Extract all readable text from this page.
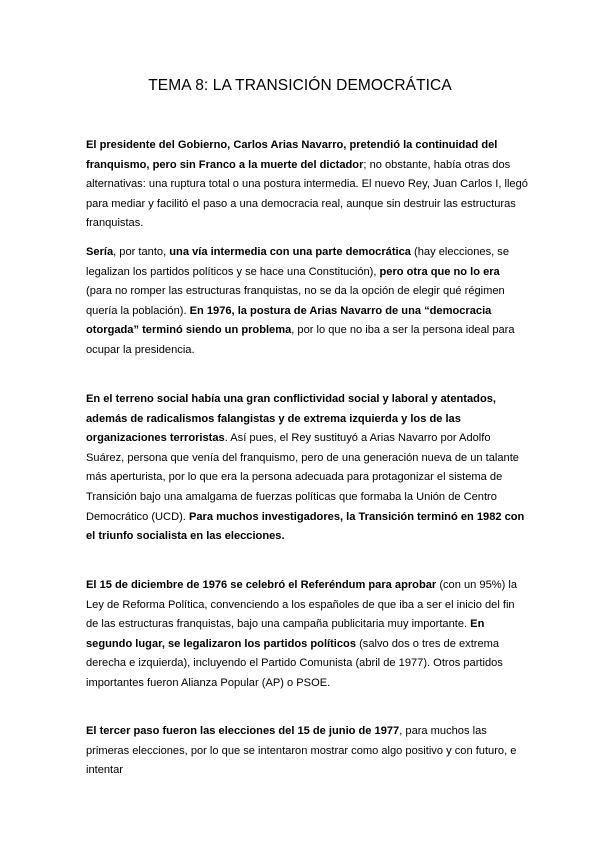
TEMA 8: LA TRANSICIÓN DEMOCRÁTICA

El presidente del Gobierno, Carlos Arias Navarro, pretendió la continuidad del franquismo, pero sin Franco a la muerte del dictador; no obstante, había otras dos alternativas: una ruptura total o una postura intermedia. El nuevo Rey, Juan Carlos I, llegó para mediar y facilitó el paso a una democracia real, aunque sin destruir las estructuras franquistas.

Sería, por tanto, una vía intermedia con una parte democrática (hay elecciones, se legalizan los partidos políticos y se hace una Constitución), pero otra que no lo era (para no romper las estructuras franquistas, no se da la opción de elegir qué régimen quería la población). En 1976, la postura de Arias Navarro de una “democracia otorgada” terminó siendo un problema, por lo que no iba a ser la persona ideal para ocupar la presidencia.

En el terreno social había una gran conflictividad social y laboral y atentados, además de radicalismos falangistas y de extrema izquierda y los de las organizaciones terroristas. Así pues, el Rey sustituyó a Arias Navarro por Adolfo Suárez, persona que venía del franquismo, pero de una generación nueva de un talante más aperturista, por lo que era la persona adecuada para protagonizar el sistema de Transición bajo una amalgama de fuerzas políticas que formaba la Unión de Centro Democrático (UCD). Para muchos investigadores, la Transición terminó en 1982 con el triunfo socialista en las elecciones.

El 15 de diciembre de 1976 se celebró el Referéndum para aprobar (con un 95%) la Ley de Reforma Política, convenciendo a los españoles de que iba a ser el inicio del fin de las estructuras franquistas, bajo una campaña publicitaria muy importante. En segundo lugar, se legalizaron los partidos políticos (salvo dos o tres de extrema derecha e izquierda), incluyendo el Partido Comunista (abril de 1977). Otros partidos importantes fueron Alianza Popular (AP) o PSOE.

El tercer paso fueron las elecciones del 15 de junio de 1977, para muchos las primeras elecciones, por lo que se intentaron mostrar como algo positivo y con futuro, e intentar
